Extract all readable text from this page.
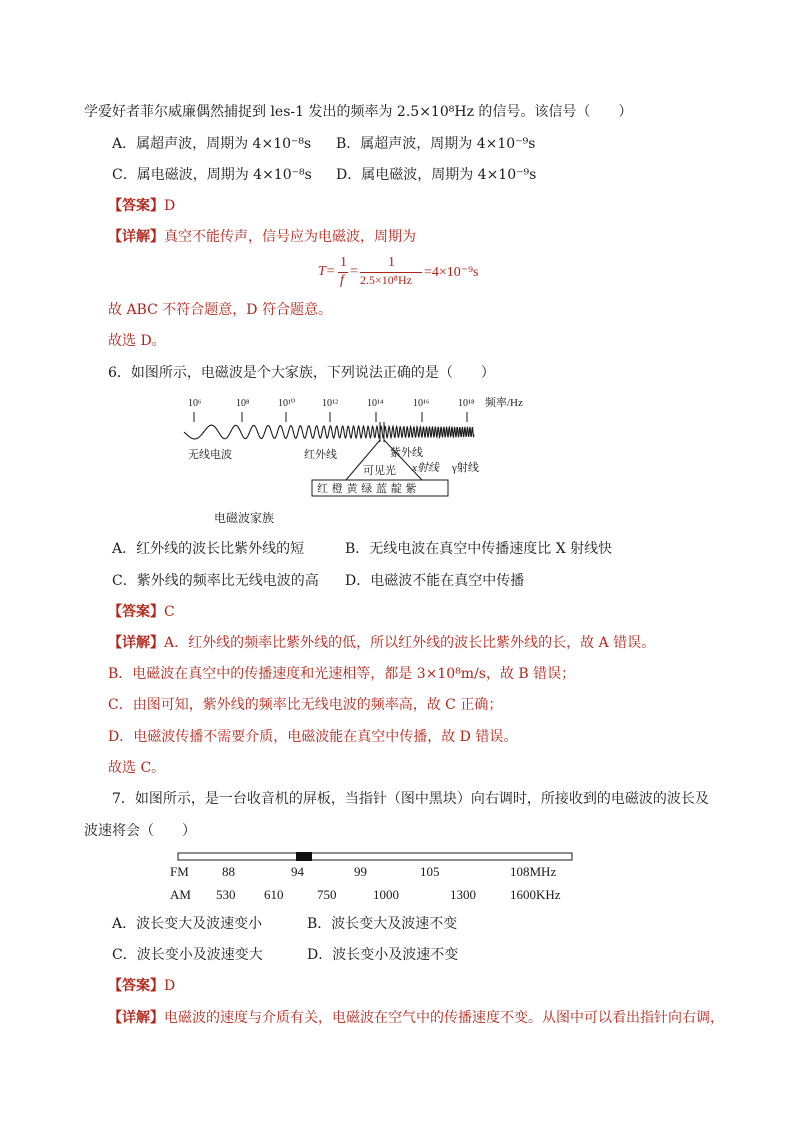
学爱好者菲尔威廉偶然捕捉到 les-1 发出的频率为 2.5×10⁸Hz 的信号。该信号（　　）
A．属超声波，周期为 4×10⁻⁸s B．属超声波，周期为 4×10⁻⁹s
C．属电磁波，周期为 4×10⁻⁸s D．属电磁波，周期为 4×10⁻⁹s
【答案】D
【详解】真空不能传声，信号应为电磁波，周期为
T=
1
f
=
1
2.5×10⁸Hz =4×10⁻⁹s
故 ABC 不符合题意，D 符合题意。
故选 D。
6．如图所示，电磁波是个大家族，下列说法正确的是（　　）
10⁶	10⁸	10¹⁰	10¹²	10¹⁴	10¹⁶	10¹⁸ 频率/Hz
无线电波	红外线	紫外线
x射线 γ射线
可见光
红 橙 黄 绿 蓝 靛 紫
电磁波家族
A．红外线的波长比紫外线的短	B．无线电波在真空中传播速度比 X 射线快
C．紫外线的频率比无线电波的高 D．电磁波不能在真空中传播
【答案】C
【详解】A．红外线的频率比紫外线的低，所以红外线的波长比紫外线的长，故 A 错误。
B．电磁波在真空中的传播速度和光速相等，都是 3×10⁸m/s，故 B 错误；
C．由图可知，紫外线的频率比无线电波的频率高，故 C 正确；
D．电磁波传播不需要介质，电磁波能在真空中传播，故 D 错误。
故选 C。
7．如图所示，是一台收音机的屏板，当指针（图中黑块）向右调时，所接收到的电磁波的波长及
波速将会（　　）
FM	88	94	99	105	108MHz
AM 530 610	750	1000	1300	1600KHz
A．波长变大及波速变小	B．波长变大及波速不变
C．波长变小及波速变大	D．波长变小及波速不变
【答案】D
【详解】电磁波的速度与介质有关，电磁波在空气中的传播速度不变。从图中可以看出指针向右调，
